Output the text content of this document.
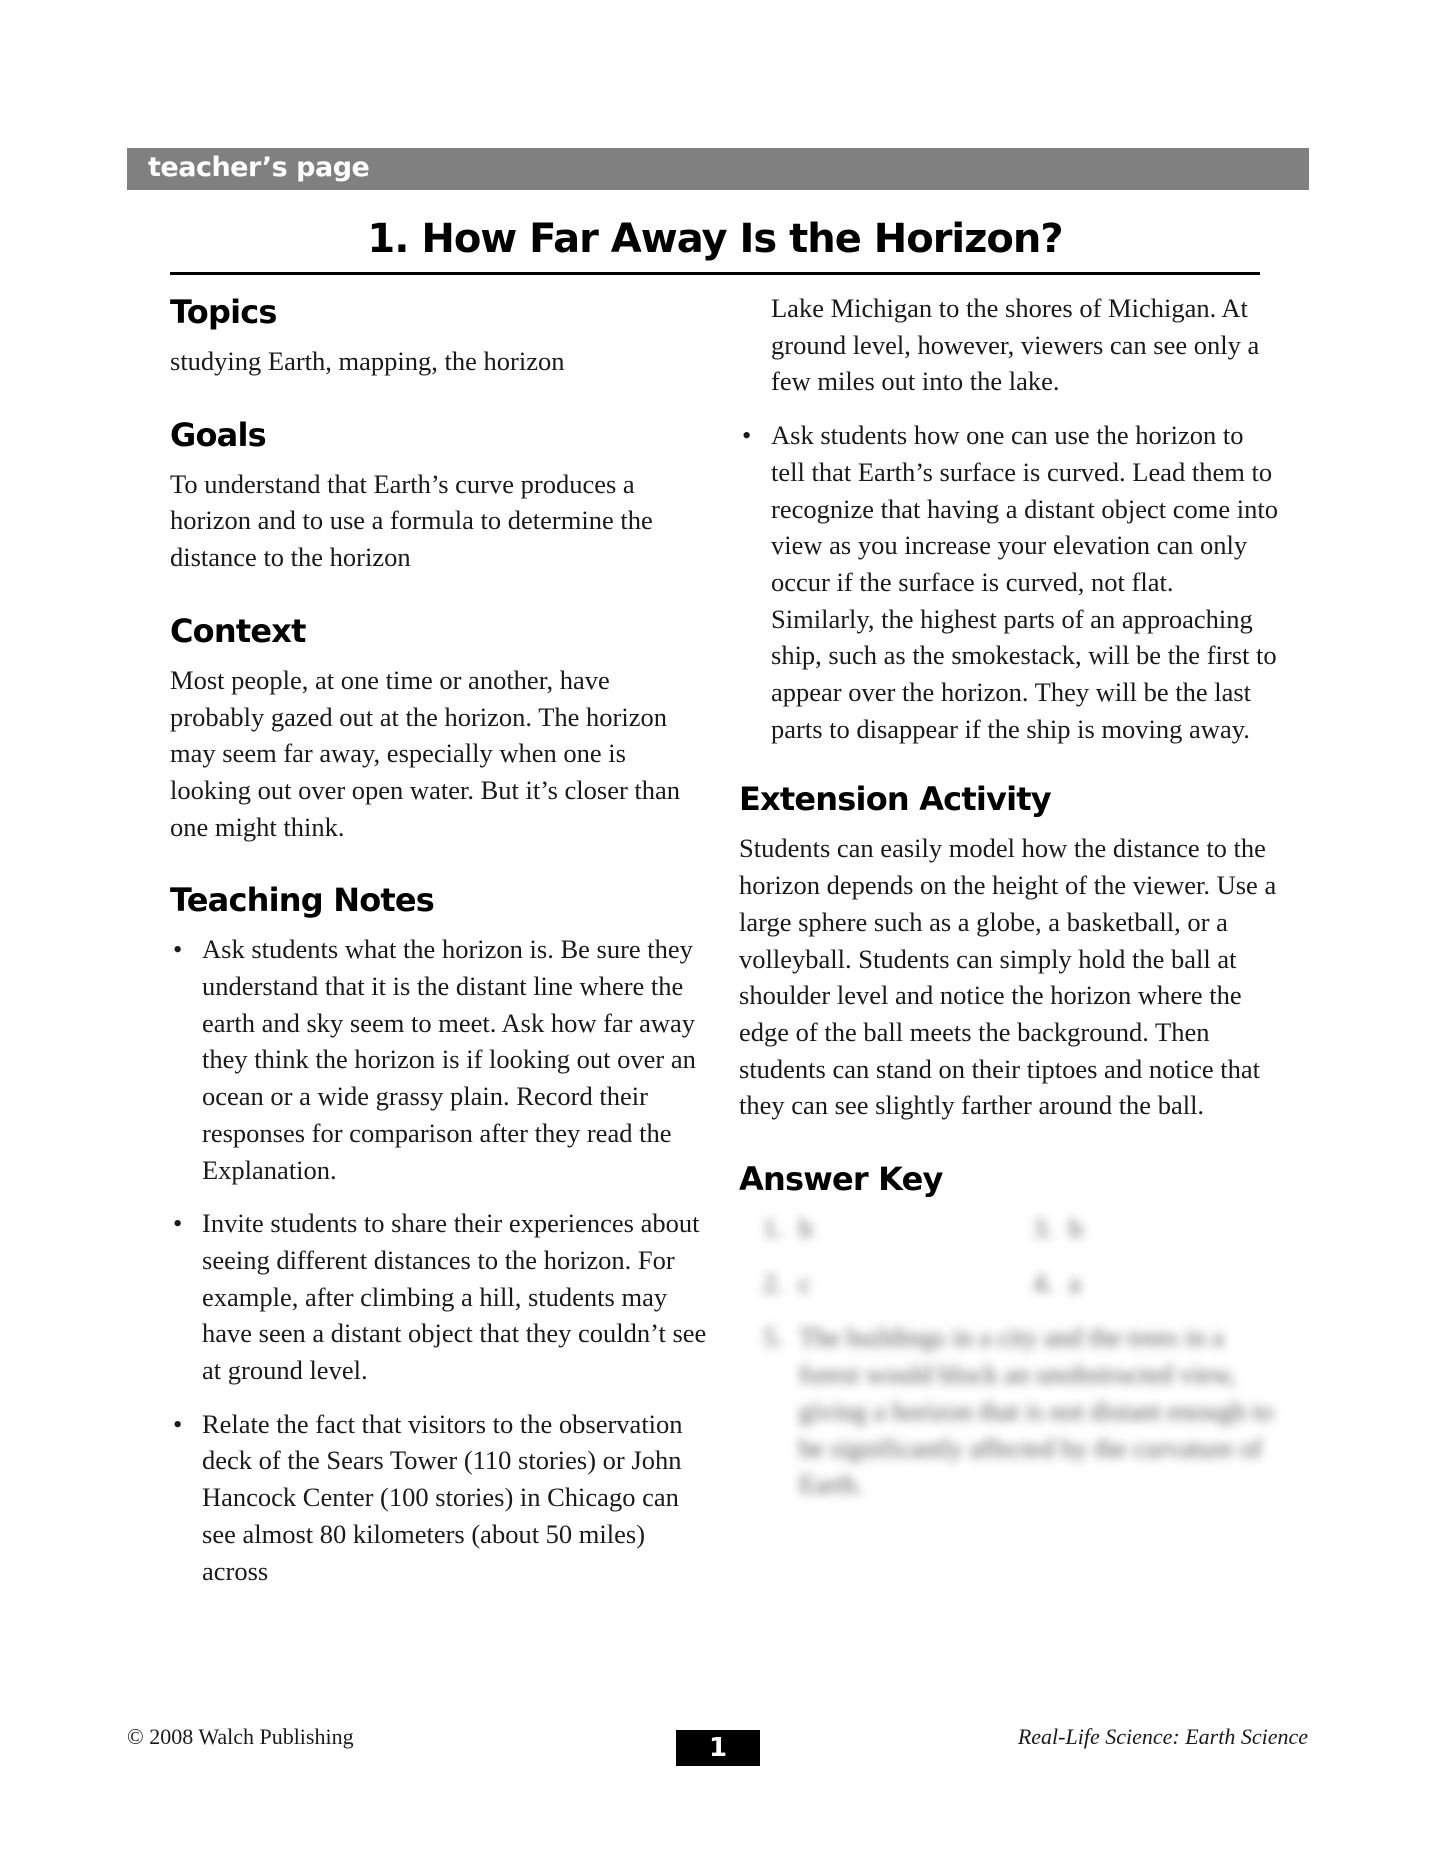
teacher’s page
1. How Far Away Is the Horizon?
Topics

studying Earth, mapping, the horizon

Goals

To understand that Earth’s curve produces a horizon and to use a formula to determine the distance to the horizon

Context

Most people, at one time or another, have probably gazed out at the horizon. The horizon may seem far away, especially when one is looking out over open water. But it’s closer than one might think.

Teaching Notes
• Ask students what the horizon is. Be sure they understand that it is the distant line where the earth and sky seem to meet. Ask how far away they think the horizon is if looking out over an ocean or a wide grassy plain. Record their responses for comparison after they read the Explanation.
• Invite students to share their experiences about seeing different distances to the horizon. For example, after climbing a hill, students may have seen a distant object that they couldn’t see at ground level.
• Relate the fact that visitors to the observation deck of the Sears Tower (110 stories) or John Hancock Center (100 stories) in Chicago can see almost 80 kilometers (about 50 miles) across
Lake Michigan to the shores of Michigan. At ground level, however, viewers can see only a few miles out into the lake.
• Ask students how one can use the horizon to tell that Earth’s surface is curved. Lead them to recognize that having a distant object come into view as you increase your elevation can only occur if the surface is curved, not flat. Similarly, the highest parts of an approaching ship, such as the smokestack, will be the first to appear over the horizon. They will be the last parts to disappear if the ship is moving away.
Extension Activity

Students can easily model how the distance to the horizon depends on the height of the viewer. Use a large sphere such as a globe, a basketball, or a volleyball. Students can simply hold the ball at shoulder level and notice the horizon where the edge of the ball meets the background. Then students can stand on their tiptoes and notice that they can see slightly farther around the ball.

Answer Key
1. b	3. b
2. c	4. a
5. The buildings in a city and the trees in a forest would block an unobstructed view, giving a horizon that is not distant enough to be significantly affected by the curvature of Earth.
© 2008 Walch Publishing	1	Real-Life Science: Earth Science
